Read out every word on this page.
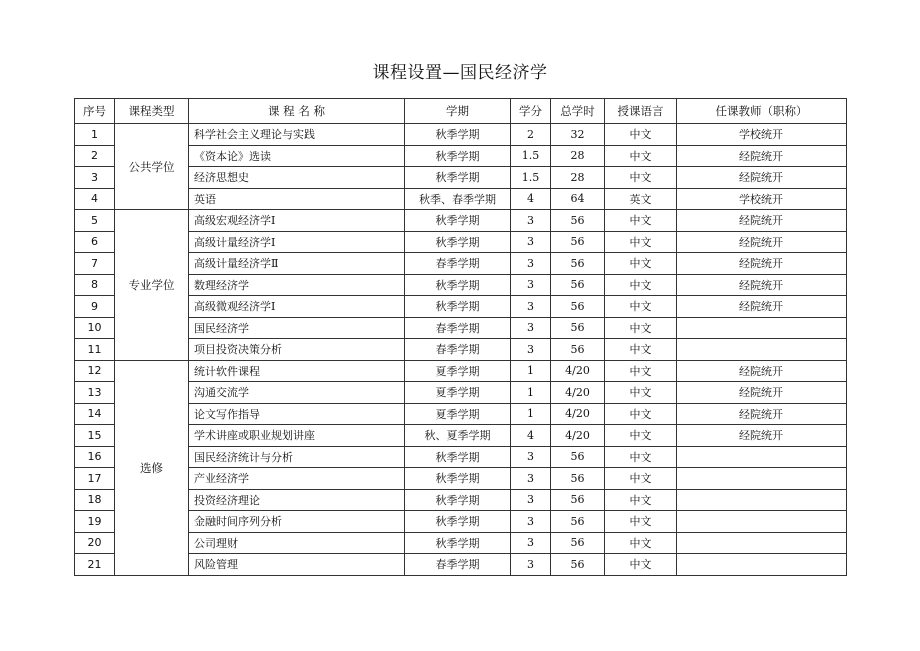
课程设置—国民经济学
序号	课程类型	课 程 名 称	学期	学分	总学时	授课语言	任课教师（职称）
1	公共学位	科学社会主义理论与实践	秋季学期	2	32	中文	学校统开
2		《资本论》选读	秋季学期	1.5	28	中文	经院统开
3		经济思想史	秋季学期	1.5	28	中文	经院统开
4		英语	秋季、春季学期	4	64	英文	学校统开
5	专业学位	高级宏观经济学Ⅰ	秋季学期	3	56	中文	经院统开
6		高级计量经济学Ⅰ	秋季学期	3	56	中文	经院统开
7		高级计量经济学Ⅱ	春季学期	3	56	中文	经院统开
8		数理经济学	秋季学期	3	56	中文	经院统开
9		高级微观经济学Ⅰ	秋季学期	3	56	中文	经院统开
10		国民经济学	春季学期	3	56	中文	
11		项目投资决策分析	春季学期	3	56	中文	
12	选修	统计软件课程	夏季学期	1	4/20	中文	经院统开
13		沟通交流学	夏季学期	1	4/20	中文	经院统开
14		论文写作指导	夏季学期	1	4/20	中文	经院统开
15		学术讲座或职业规划讲座	秋、夏季学期	4	4/20	中文	经院统开
16		国民经济统计与分析	秋季学期	3	56	中文	
17		产业经济学	秋季学期	3	56	中文	
18		投资经济理论	秋季学期	3	56	中文	
19		金融时间序列分析	秋季学期	3	56	中文	
20		公司理财	秋季学期	3	56	中文	
21		风险管理	春季学期	3	56	中文	
